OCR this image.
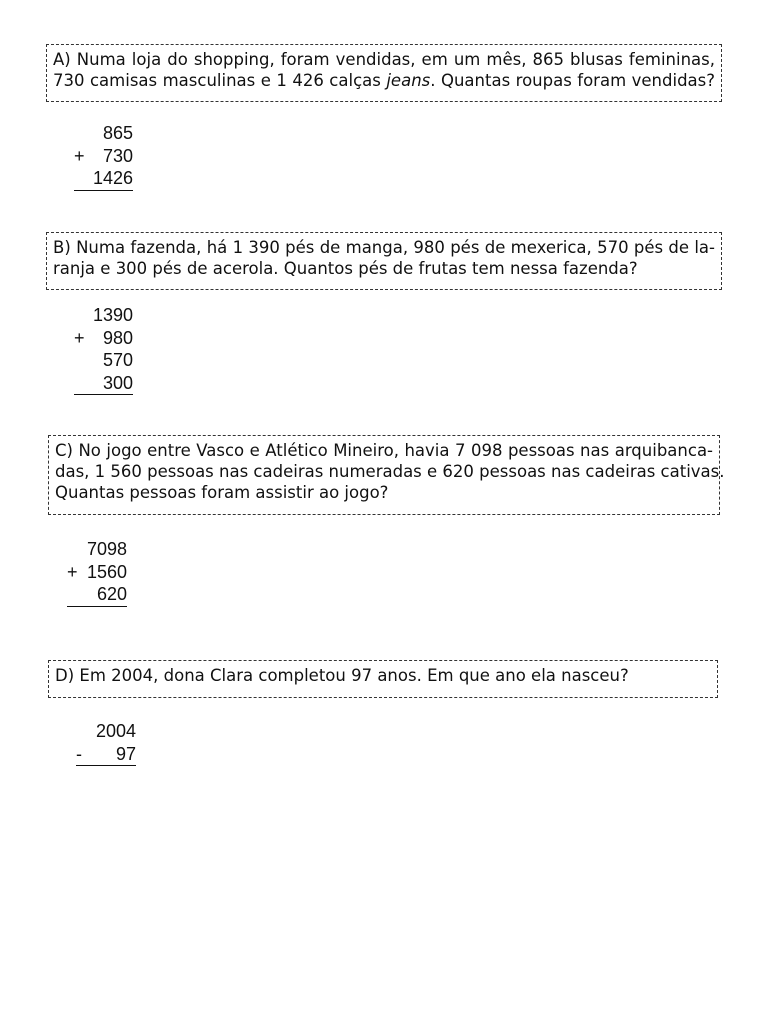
A) Numa loja do shopping, foram vendidas, em um mês, 865 blusas femininas,
730 camisas masculinas e 1 426 calças jeans. Quantas roupas foram vendidas?
865
+ 730
1426
B) Numa fazenda, há 1 390 pés de manga, 980 pés de mexerica, 570 pés de la-
ranja e 300 pés de acerola. Quantos pés de frutas tem nessa fazenda?
1390
+ 980
570
300
C) No jogo entre Vasco e Atlético Mineiro, havia 7 098 pessoas nas arquibanca-
das, 1 560 pessoas nas cadeiras numeradas e 620 pessoas nas cadeiras cativas.
Quantas pessoas foram assistir ao jogo?
7098
+ 1560
620
D) Em 2004, dona Clara completou 97 anos. Em que ano ela nasceu?
2004
- 97
